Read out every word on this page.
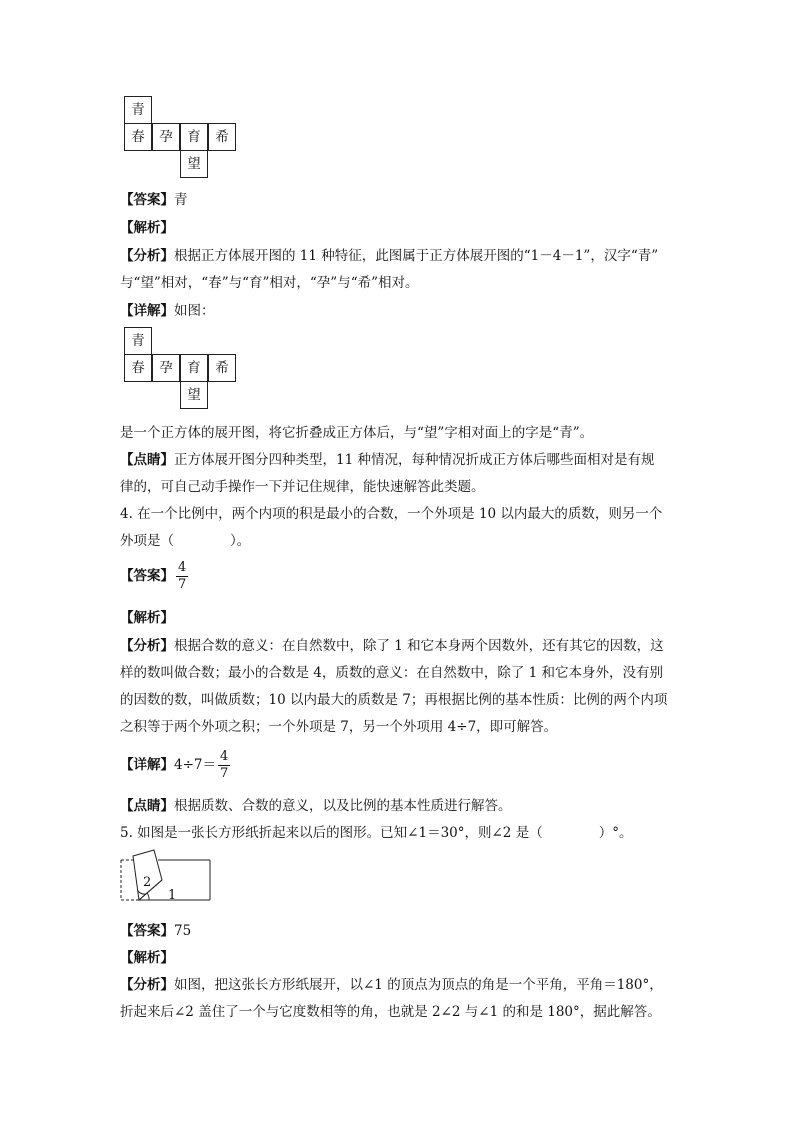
青
春	孕	育	希
望
【答案】青
【解析】
【分析】根据正方体展开图的 11 种特征，此图属于正方体展开图的“1－4－1”，汉字“青”
与“望”相对，“春”与“育”相对，“孕”与“希”相对。
【详解】如图：
青
春	孕	育	希
望
是一个正方体的展开图，将它折叠成正方体后，与“望”字相对面上的字是“青”。
【点睛】正方体展开图分四种类型，11 种情况，每种情况折成正方体后哪些面相对是有规
律的，可自己动手操作一下并记住规律，能快速解答此类题。
4. 在一个比例中，两个内项的积是最小的合数，一个外项是 10 以内最大的质数，则另一个
外项是（	）。
【答案】 $\frac{4}{7}$
【解析】
【分析】根据合数的意义：在自然数中，除了 1 和它本身两个因数外，还有其它的因数，这
样的数叫做合数；最小的合数是 4，质数的意义：在自然数中，除了 1 和它本身外，没有别
的因数的数，叫做质数；10 以内最大的质数是 7；再根据比例的基本性质：比例的两个内项
之积等于两个外项之积；一个外项是 7，另一个外项用 4÷7，即可解答。
【详解】$4\div 7= \frac{4}{7}$
【点睛】根据质数、合数的意义，以及比例的基本性质进行解答。
5. 如图是一张长方形纸折起来以后的图形。已知∠1＝30°，则∠2 是（	）°。
2
1
【答案】75
【解析】
【分析】如图，把这张长方形纸展开，以∠1 的顶点为顶点的角是一个平角，平角＝180°，
折起来后∠2 盖住了一个与它度数相等的角，也就是 2∠2 与∠1 的和是 180°，据此解答。
